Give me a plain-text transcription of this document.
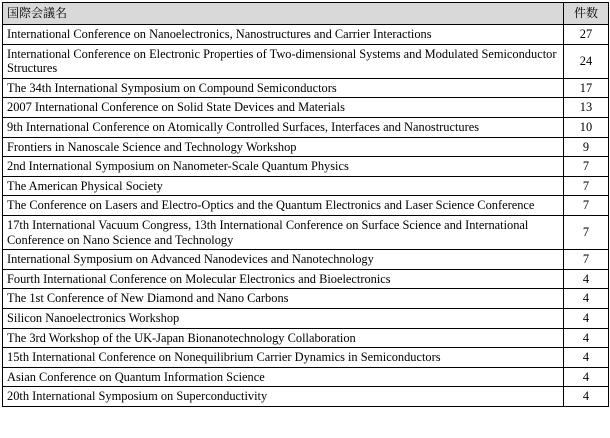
国際会議名	件数
International Conference on Nanoelectronics, Nanostructures and Carrier Interactions	27
International Conference on Electronic Properties of Two-dimensional Systems and Modulated Semiconductor Structures	24
The 34th International Symposium on Compound Semiconductors	17
2007 International Conference on Solid State Devices and Materials	13
9th International Conference on Atomically Controlled Surfaces, Interfaces and Nanostructures	10
Frontiers in Nanoscale Science and Technology Workshop	9
2nd International Symposium on Nanometer-Scale Quantum Physics	7
The American Physical Society	7
The Conference on Lasers and Electro-Optics and the Quantum Electronics and Laser Science Conference	7
17th International Vacuum Congress, 13th International Conference on Surface Science and International Conference on Nano Science and Technology	7
International Symposium on Advanced Nanodevices and Nanotechnology	7
Fourth International Conference on Molecular Electronics and Bioelectronics	4
The 1st Conference of New Diamond and Nano Carbons	4
Silicon Nanoelectronics Workshop	4
The 3rd Workshop of the UK-Japan Bionanotechnology Collaboration	4
15th International Conference on Nonequilibrium Carrier Dynamics in Semiconductors	4
Asian Conference on Quantum Information Science	4
20th International Symposium on Superconductivity	4
